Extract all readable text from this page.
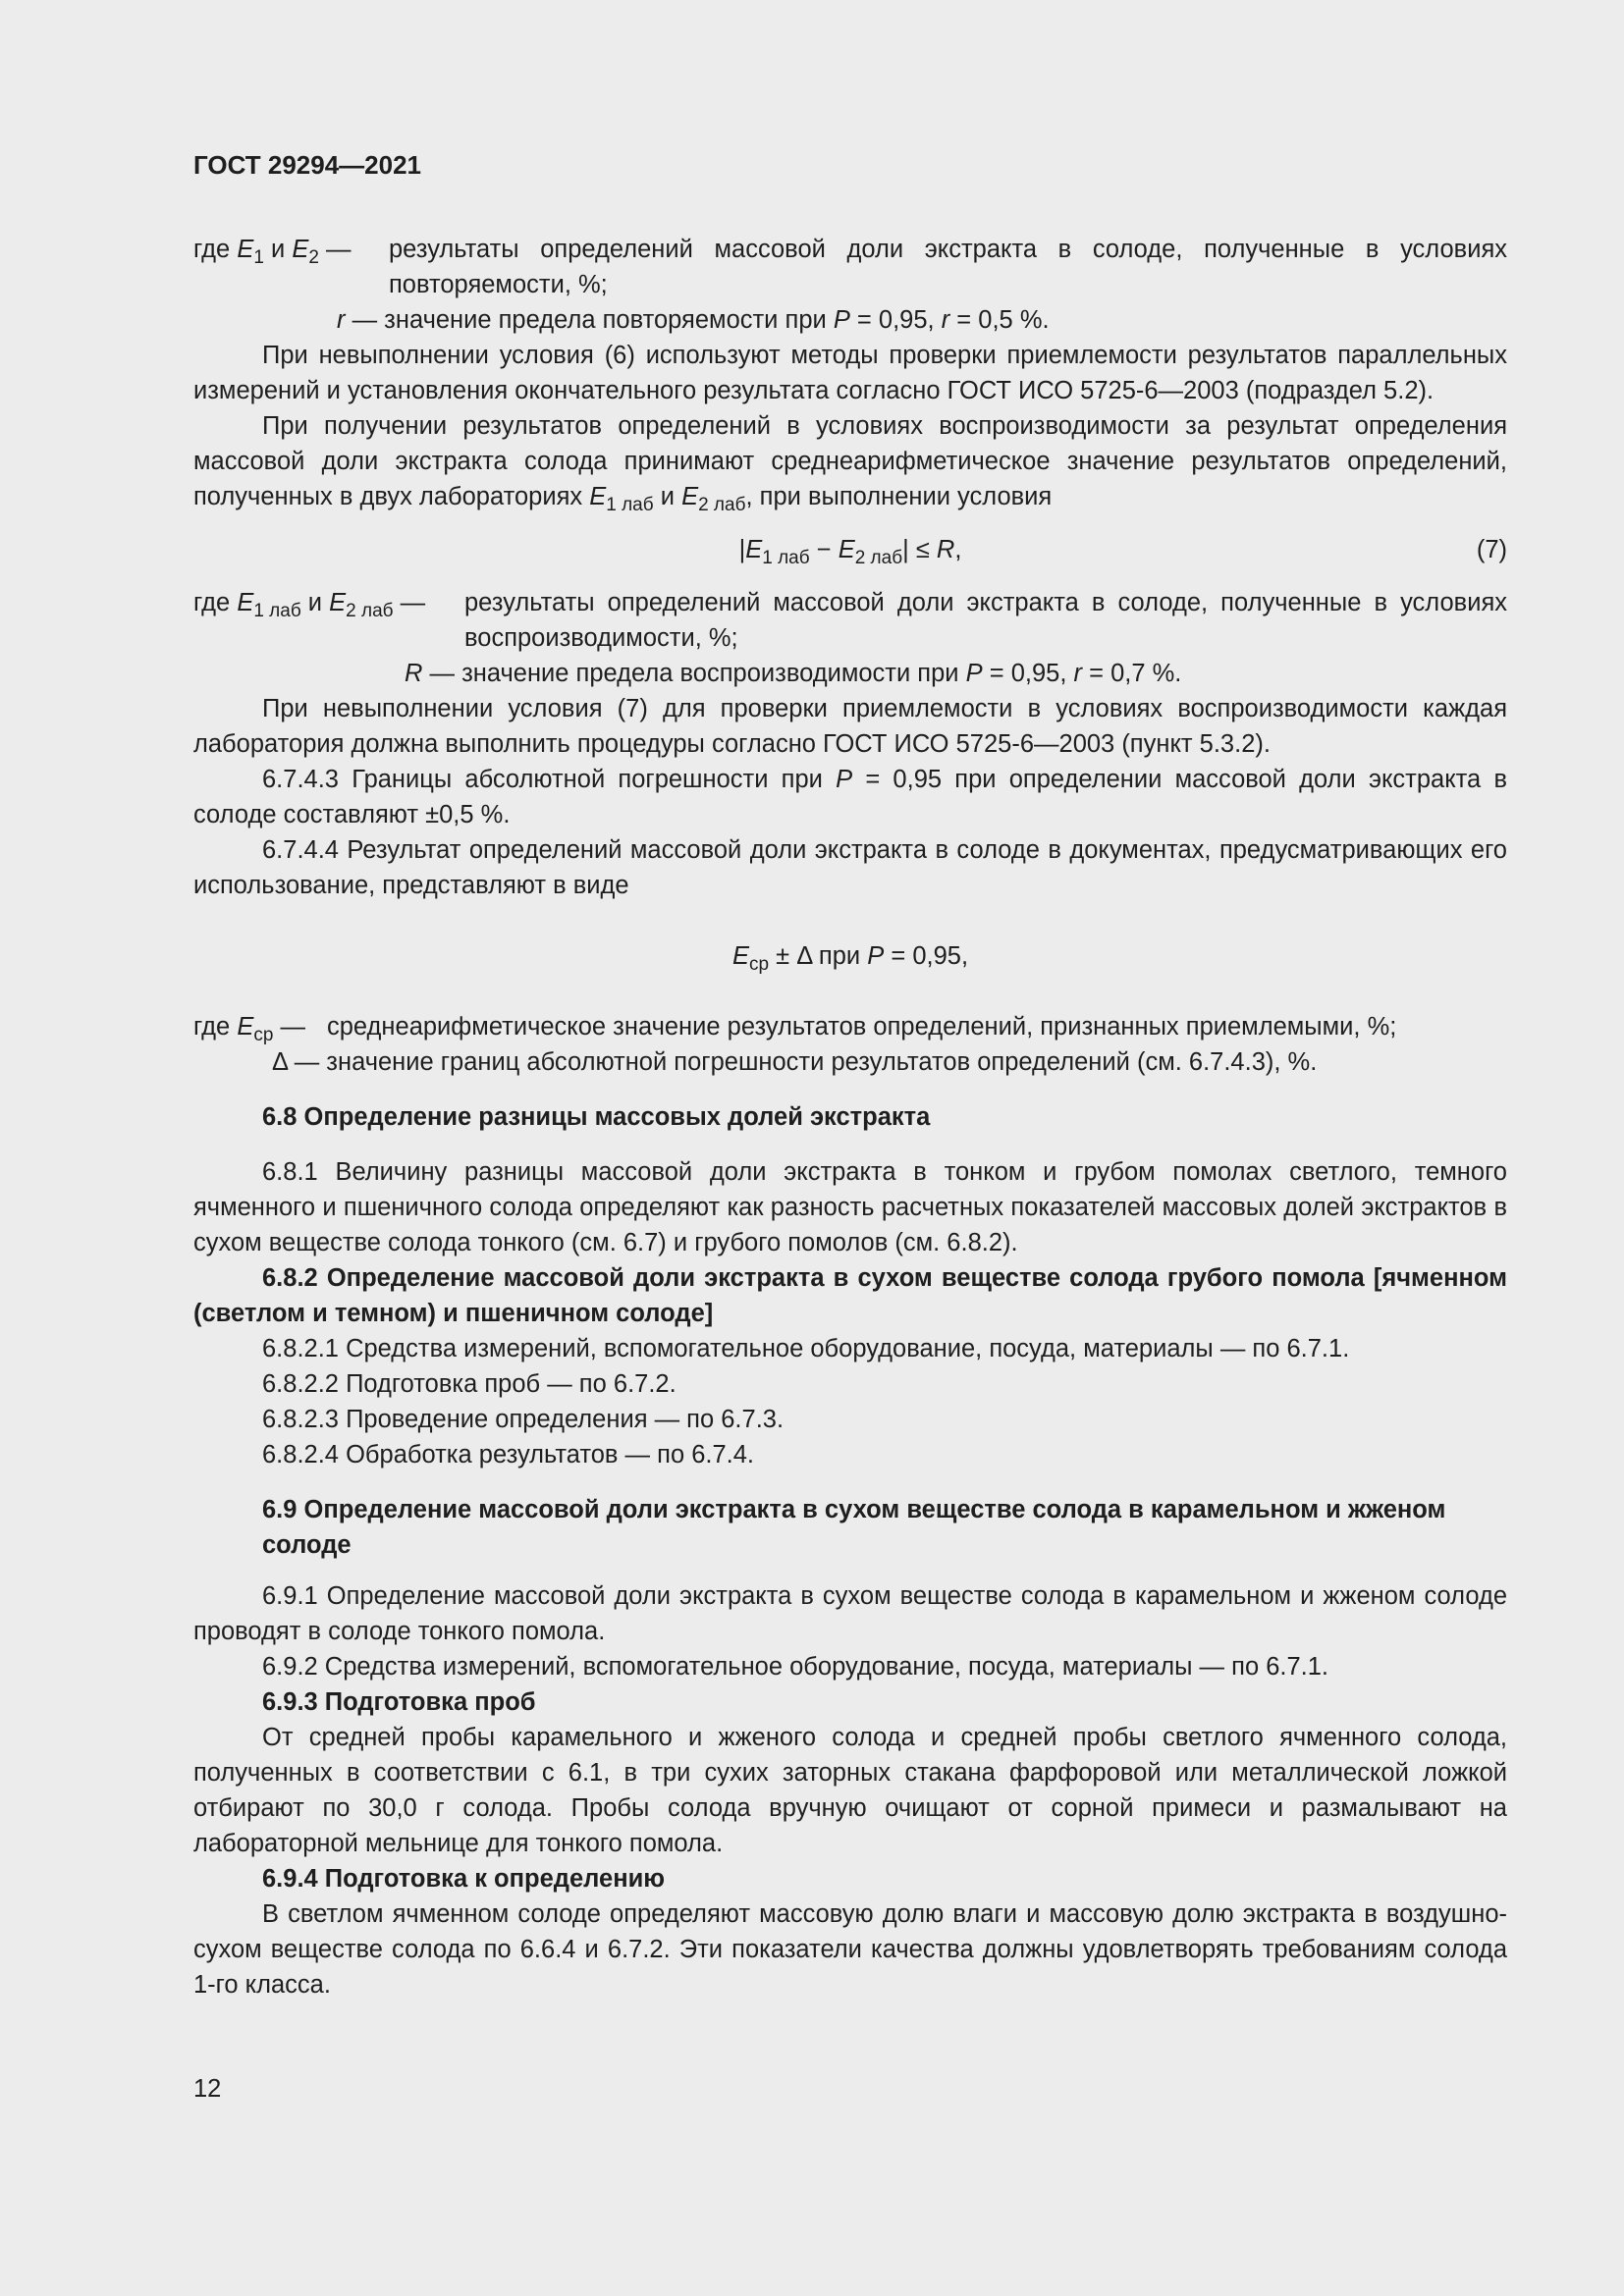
ГОСТ 29294—2021
где $E_1$ и $E_2$ — результаты определений массовой доли экстракта в солоде, полученные в условиях повторяемости, %;
r — значение предела повторяемости при P = 0,95, r = 0,5 %.

При невыполнении условия (6) используют методы проверки приемлемости результатов параллельных измерений и установления окончательного результата согласно ГОСТ ИСО 5725-6—2003 (подраздел 5.2).

При получении результатов определений в условиях воспроизводимости за результат определения массовой доли экстракта солода принимают среднеарифметическое значение результатов определений, полученных в двух лабораториях $E_{1 лаб}$ и $E_{2 лаб}$, при выполнении условия

$|E_{1 лаб} - E_{2 лаб}| \le R$,	(7)
где $E_{1 лаб}$ и $E_{2 лаб}$ — результаты определений массовой доли экстракта в солоде, полученные в условиях воспроизводимости, %;
R — значение предела воспроизводимости при P = 0,95, r = 0,7 %.

При невыполнении условия (7) для проверки приемлемости в условиях воспроизводимости каждая лаборатория должна выполнить процедуры согласно ГОСТ ИСО 5725-6—2003 (пункт 5.3.2).

6.7.4.3 Границы абсолютной погрешности при P = 0,95 при определении массовой доли экстракта в солоде составляют ±0,5 %.

6.7.4.4 Результат определений массовой доли экстракта в солоде в документах, предусматривающих его использование, представляют в виде

$E_{ср} \pm \Delta$ при P = 0,95,
где $E_{ср}$ — среднеарифметическое значение результатов определений, признанных приемлемыми, %;
Δ — значение границ абсолютной погрешности результатов определений (см. 6.7.4.3), %.
6.8 Определение разницы массовых долей экстракта

6.8.1 Величину разницы массовой доли экстракта в тонком и грубом помолах светлого, темного ячменного и пшеничного солода определяют как разность расчетных показателей массовых долей экстрактов в сухом веществе солода тонкого (см. 6.7) и грубого помолов (см. 6.8.2).

6.8.2 Определение массовой доли экстракта в сухом веществе солода грубого помола [ячменном (светлом и темном) и пшеничном солоде]

6.8.2.1 Средства измерений, вспомогательное оборудование, посуда, материалы — по 6.7.1.
6.8.2.2 Подготовка проб — по 6.7.2.
6.8.2.3 Проведение определения — по 6.7.3.
6.8.2.4 Обработка результатов — по 6.7.4.
6.9 Определение массовой доли экстракта в сухом веществе солода в карамельном и жженом солоде

6.9.1 Определение массовой доли экстракта в сухом веществе солода в карамельном и жженом солоде проводят в солоде тонкого помола.

6.9.2 Средства измерений, вспомогательное оборудование, посуда, материалы — по 6.7.1.
6.9.3 Подготовка проб

От средней пробы карамельного и жженого солода и средней пробы светлого ячменного солода, полученных в соответствии с 6.1, в три сухих заторных стакана фарфоровой или металлической ложкой отбирают по 30,0 г солода. Пробы солода вручную очищают от сорной примеси и размалывают на лабораторной мельнице для тонкого помола.

6.9.4 Подготовка к определению

В светлом ячменном солоде определяют массовую долю влаги и массовую долю экстракта в воздушно-сухом веществе солода по 6.6.4 и 6.7.2. Эти показатели качества должны удовлетворять требованиям солода 1-го класса.

12
